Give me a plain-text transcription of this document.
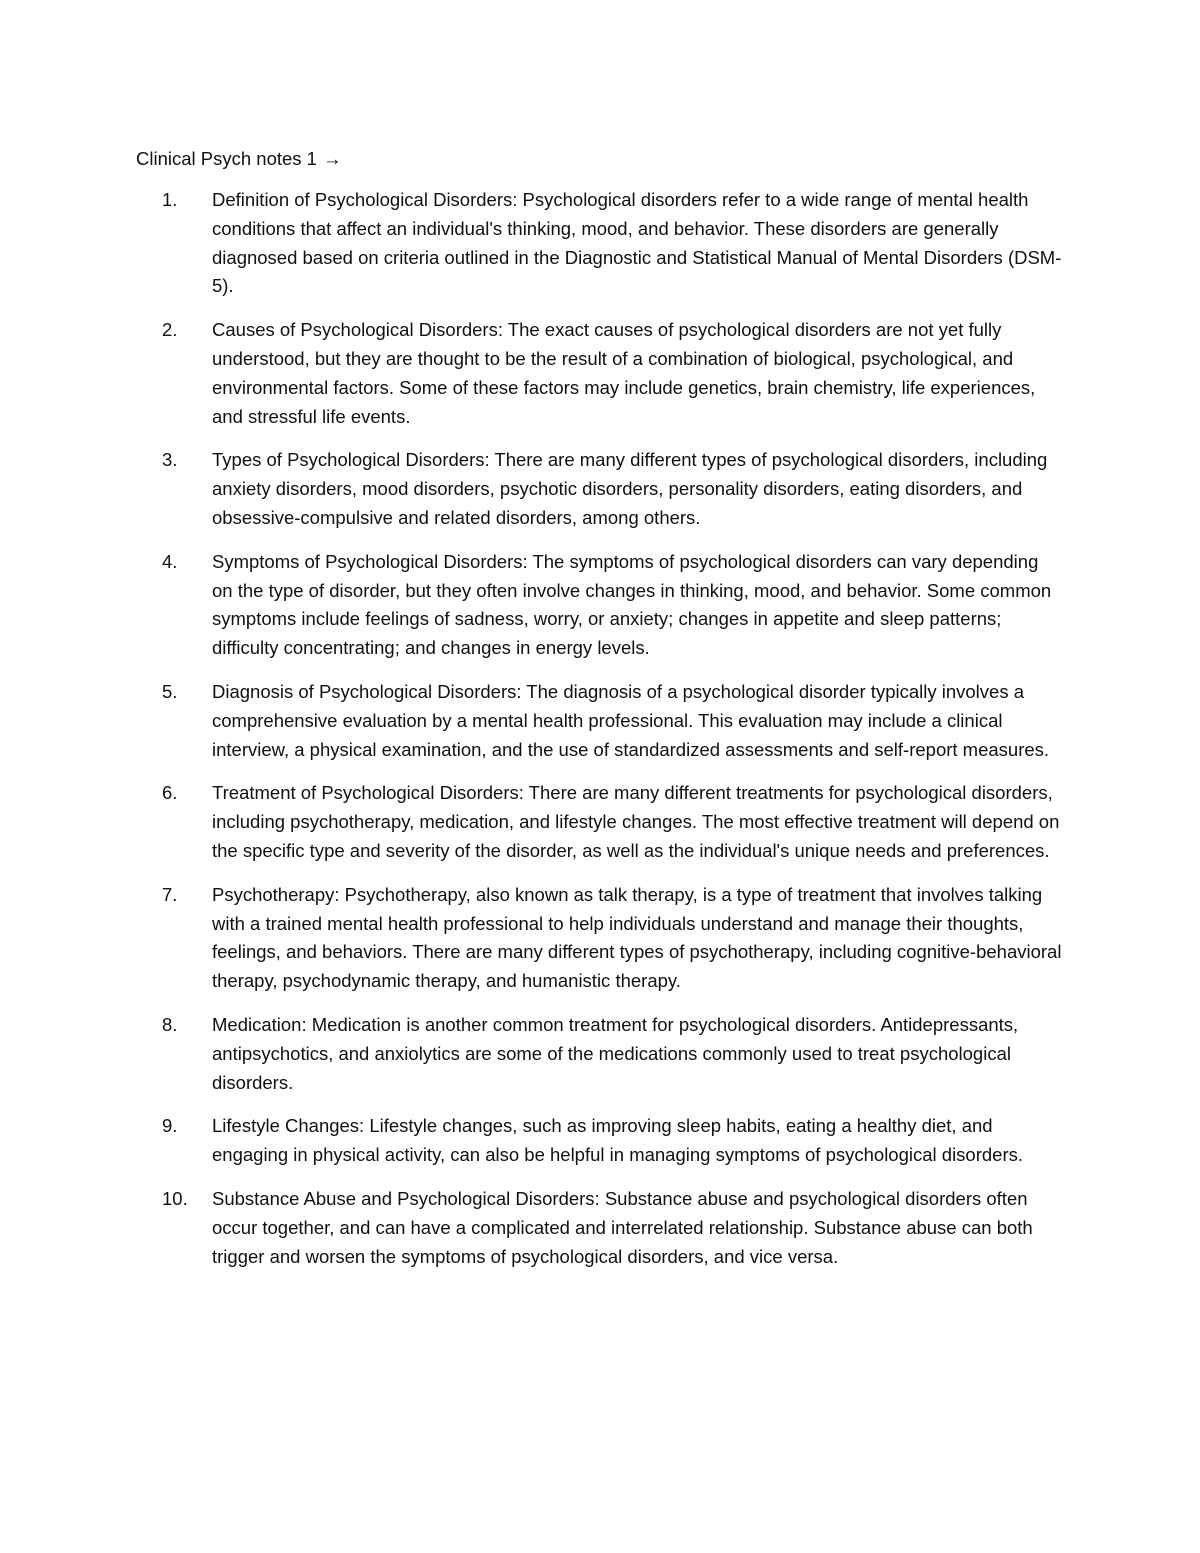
Clinical Psych notes 1 →
1.	Definition of Psychological Disorders: Psychological disorders refer to a wide range of mental health conditions that affect an individual's thinking, mood, and behavior. These disorders are generally diagnosed based on criteria outlined in the Diagnostic and Statistical Manual of Mental Disorders (DSM-5).
2.	Causes of Psychological Disorders: The exact causes of psychological disorders are not yet fully understood, but they are thought to be the result of a combination of biological, psychological, and environmental factors. Some of these factors may include genetics, brain chemistry, life experiences, and stressful life events.
3.	Types of Psychological Disorders: There are many different types of psychological disorders, including anxiety disorders, mood disorders, psychotic disorders, personality disorders, eating disorders, and obsessive-compulsive and related disorders, among others.
4.	Symptoms of Psychological Disorders: The symptoms of psychological disorders can vary depending on the type of disorder, but they often involve changes in thinking, mood, and behavior. Some common symptoms include feelings of sadness, worry, or anxiety; changes in appetite and sleep patterns; difficulty concentrating; and changes in energy levels.
5.	Diagnosis of Psychological Disorders: The diagnosis of a psychological disorder typically involves a comprehensive evaluation by a mental health professional. This evaluation may include a clinical interview, a physical examination, and the use of standardized assessments and self-report measures.
6.	Treatment of Psychological Disorders: There are many different treatments for psychological disorders, including psychotherapy, medication, and lifestyle changes. The most effective treatment will depend on the specific type and severity of the disorder, as well as the individual's unique needs and preferences.
7.	Psychotherapy: Psychotherapy, also known as talk therapy, is a type of treatment that involves talking with a trained mental health professional to help individuals understand and manage their thoughts, feelings, and behaviors. There are many different types of psychotherapy, including cognitive-behavioral therapy, psychodynamic therapy, and humanistic therapy.
8.	Medication: Medication is another common treatment for psychological disorders. Antidepressants, antipsychotics, and anxiolytics are some of the medications commonly used to treat psychological disorders.
9.	Lifestyle Changes: Lifestyle changes, such as improving sleep habits, eating a healthy diet, and engaging in physical activity, can also be helpful in managing symptoms of psychological disorders.
10.	Substance Abuse and Psychological Disorders: Substance abuse and psychological disorders often occur together, and can have a complicated and interrelated relationship. Substance abuse can both trigger and worsen the symptoms of psychological disorders, and vice versa.
